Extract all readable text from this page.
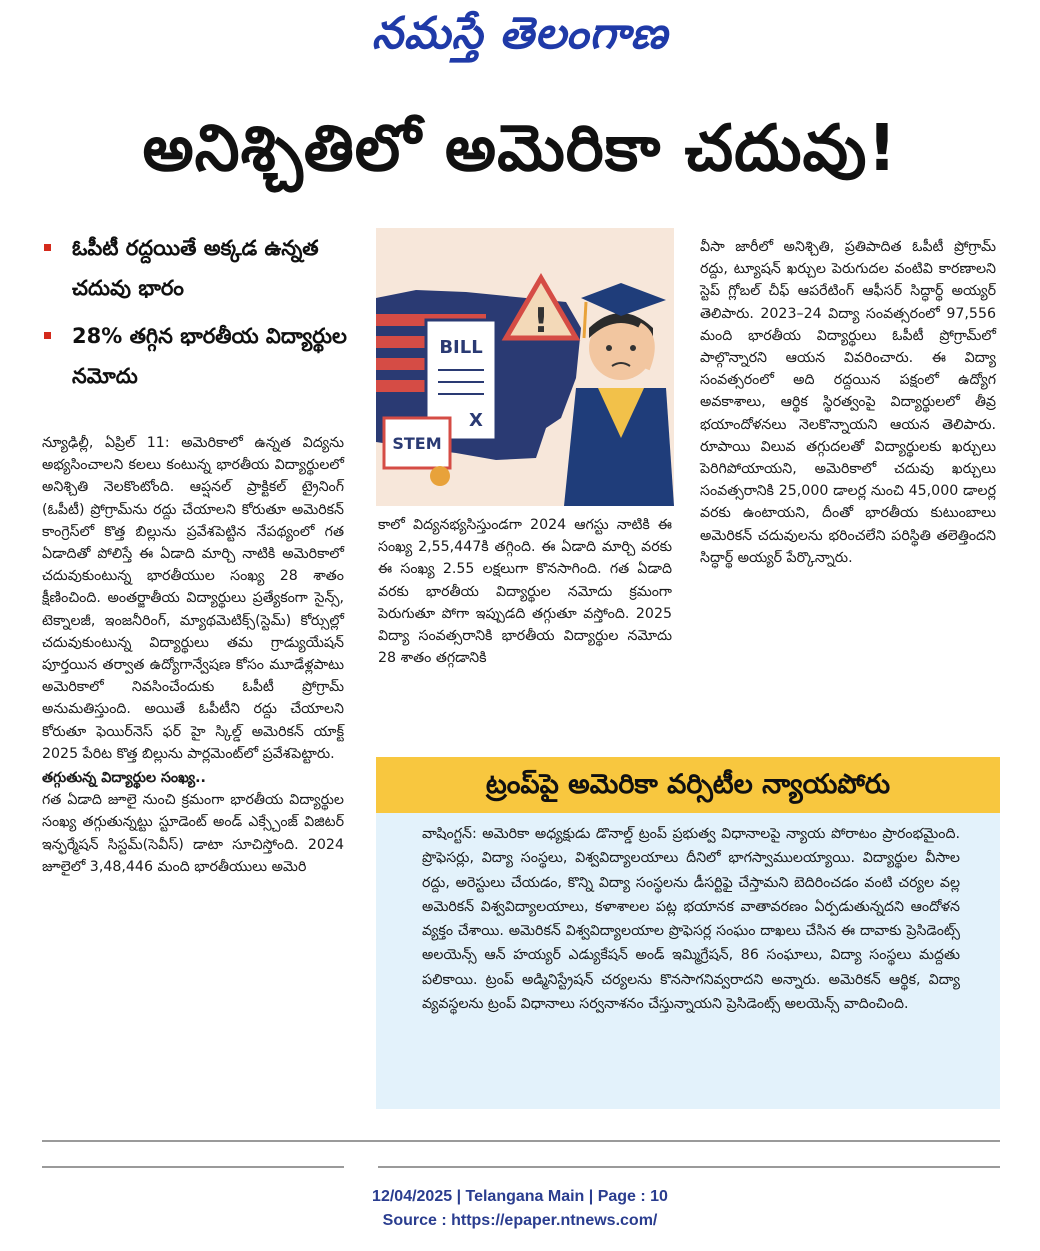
నమస్తే తెలంగాణ
అనిశ్చితిలో అమెరికా చదువు!
ఓపీటీ రద్దయితే అక్కడ ఉన్నత చదువు భారం
28% తగ్గిన భారతీయ విద్యార్థుల నమోదు
న్యూఢిల్లీ, ఏప్రిల్ 11: అమెరికాలో ఉన్నత విద్యను అభ్యసించాలని కలలు కంటున్న భారతీయ విద్యార్థులలో అనిశ్చితి నెలకొంటోంది. ఆప్షనల్ ప్రాక్టికల్ ట్రైనింగ్ (ఓపీటీ) ప్రోగ్రామ్‌ను రద్దు చేయాలని కోరుతూ అమెరికన్ కాంగ్రెస్‌లో కొత్త బిల్లును ప్రవేశపెట్టిన నేపథ్యంలో గత ఏడాదితో పోలిస్తే ఈ ఏడాది మార్చి నాటికి అమెరికాలో చదువుకుంటున్న భారతీయుల సంఖ్య 28 శాతం క్షీణించింది. అంతర్జాతీయ విద్యార్థులు ప్రత్యేకంగా సైన్స్, టెక్నాలజీ, ఇంజనీరింగ్, మ్యాథమెటిక్స్(స్టెమ్) కోర్సుల్లో చదువుకుంటున్న విద్యార్థులు తమ గ్రాడ్యుయేషన్ పూర్తయిన తర్వాత ఉద్యోగాన్వేషణ కోసం మూడేళ్లపాటు అమెరికాలో నివసించేందుకు ఓపీటీ ప్రోగ్రామ్ అనుమతిస్తుంది. అయితే ఓపీటీని రద్దు చేయాలని కోరుతూ ఫెయిర్‌నెస్ ఫర్ హై స్కిల్డ్ అమెరికన్ యాక్ట్ 2025 పేరిట కొత్త బిల్లును పార్లమెంట్‌లో ప్రవేశపెట్టారు.
తగ్గుతున్న విద్యార్థుల సంఖ్య..
గత ఏడాది జూలై నుంచి క్రమంగా భారతీయ విద్యార్థుల సంఖ్య తగ్గుతున్నట్టు స్టూడెంట్ అండ్ ఎక్స్చేంజ్ విజిటర్ ఇన్ఫర్మేషన్ సిస్టమ్(సెవీస్) డాటా సూచిస్తోంది. 2024 జూలైలో 3,48,446 మంది భారతీయులు అమెరి
!
BILL
X
STEM
కాలో విద్యనభ్యసిస్తుండగా 2024 ఆగస్టు నాటికి ఈ సంఖ్య 2,55,447కి తగ్గింది. ఈ ఏడాది మార్చి వరకు ఈ సంఖ్య 2.55 లక్షలుగా కొనసాగింది. గత ఏడాది వరకు భారతీయ విద్యార్థుల నమోదు క్రమంగా పెరుగుతూ పోగా ఇప్పుడది తగ్గుతూ వస్తోంది. 2025 విద్యా సంవత్సరానికి భారతీయ విద్యార్థుల నమోదు 28 శాతం తగ్గడానికి
వీసా జారీలో అనిశ్చితి, ప్రతిపాదిత ఓపీటీ ప్రోగ్రామ్ రద్దు, ట్యూషన్ ఖర్చుల పెరుగుదల వంటివి కారణాలని స్టెప్ గ్లోబల్ చీఫ్ ఆపరేటింగ్ ఆఫీసర్ సిద్ధార్థ్ అయ్యర్ తెలిపారు. 2023–24 విద్యా సంవత్సరంలో 97,556 మంది భారతీయ విద్యార్థులు ఓపీటీ ప్రోగ్రామ్‌లో పాల్గొన్నారని ఆయన వివరించారు. ఈ విద్యా సంవత్సరంలో అది రద్దయిన పక్షంలో ఉద్యోగ అవకాశాలు, ఆర్థిక స్థిరత్వంపై విద్యార్థులలో తీవ్ర భయాందోళనలు నెలకొన్నాయని ఆయన తెలిపారు. రూపాయి విలువ తగ్గుదలతో విద్యార్థులకు ఖర్చులు పెరిగిపోయాయని, అమెరికాలో చదువు ఖర్చులు సంవత్సరానికి 25,000 డాలర్ల నుంచి 45,000 డాలర్ల వరకు ఉంటాయని, దీంతో భారతీయ కుటుంబాలు అమెరికన్ చదువులను భరించలేని పరిస్థితి తలెత్తిందని సిద్ధార్థ్ అయ్యర్ పేర్కొన్నారు.
ట్రంప్‌పై అమెరికా వర్సిటీల న్యాయపోరు
వాషింగ్టన్: అమెరికా అధ్యక్షుడు డొనాల్డ్ ట్రంప్ ప్రభుత్వ విధానాలపై న్యాయ పోరాటం ప్రారంభమైంది. ప్రొఫెసర్లు, విద్యా సంస్థలు, విశ్వవిద్యాలయాలు దీనిలో భాగస్వాములయ్యాయి. విద్యార్థుల వీసాల రద్దు, అరెస్టులు చేయడం, కొన్ని విద్యా సంస్థలను డీసర్టిఫై చేస్తామని బెదిరించడం వంటి చర్యల వల్ల అమెరికన్ విశ్వవిద్యాలయాలు, కళాశాలల పట్ల భయానక వాతావరణం ఏర్పడుతున్నదని ఆందోళన వ్యక్తం చేశాయి. అమెరికన్ విశ్వవిద్యాలయాల ప్రొఫెసర్ల సంఘం దాఖలు చేసిన ఈ దావాకు ప్రెసిడెంట్స్ అలయెన్స్ ఆన్ హయ్యర్ ఎడ్యుకేషన్ అండ్ ఇమ్మిగ్రేషన్, 86 సంఘాలు, విద్యా సంస్థలు మద్దతు పలికాయి. ట్రంప్ అడ్మినిస్ట్రేషన్ చర్యలను కొనసాగనివ్వరాదని అన్నారు. అమెరికన్ ఆర్థిక, విద్యా వ్యవస్థలను ట్రంప్ విధానాలు సర్వనాశనం చేస్తున్నాయని ప్రెసిడెంట్స్ అలయెన్స్ వాదించింది.
12/04/2025 | Telangana Main | Page : 10
Source : https://epaper.ntnews.com/
